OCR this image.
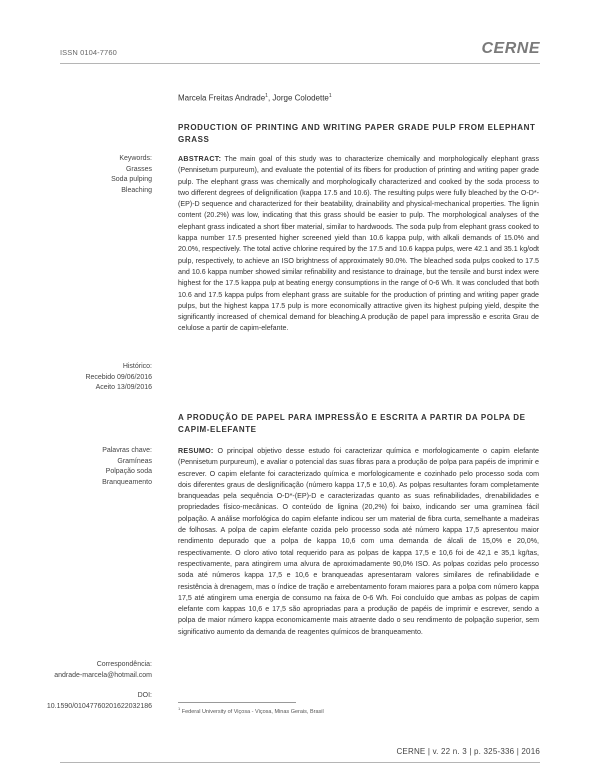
ISSN 0104-7760	CERNE
Marcela Freitas Andrade$^1$, Jorge Colodette$^1$
PRODUCTION OF PRINTING AND WRITING PAPER GRADE PULP FROM ELEPHANT GRASS
ABSTRACT: The main goal of this study was to characterize chemically and morphologically elephant grass (Pennisetum purpureum), and evaluate the potential of its fibers for production of printing and writing paper grade pulp. The elephant grass was chemically and morphologically characterized and cooked by the soda process to two different degrees of delignification (kappa 17.5 and 10.6). The resulting pulps were fully bleached by the O-D*-(EP)-D sequence and characterized for their beatability, drainability and physical-mechanical properties. The lignin content (20.2%) was low, indicating that this grass should be easier to pulp. The morphological analyses of the elephant grass indicated a short fiber material, similar to hardwoods. The soda pulp from elephant grass cooked to kappa number 17.5 presented higher screened yield than 10.6 kappa pulp, with alkali demands of 15.0% and 20.0%, respectively. The total active chlorine required by the 17.5 and 10.6 kappa pulps, were 42.1 and 35.1 kg/odt pulp, respectively, to achieve an ISO brightness of approximately 90.0%. The bleached soda pulps cooked to 17.5 and 10.6 kappa number showed similar refinability and resistance to drainage, but the tensile and burst index were highest for the 17.5 kappa pulp at beating energy consumptions in the range of 0-6 Wh. It was concluded that both 10.6 and 17.5 kappa pulps from elephant grass are suitable for the production of printing and writing paper grade pulps, but the highest kappa 17.5 pulp is more economically attractive given its highest pulping yield, despite the significantly increased of chemical demand for bleaching.A produção de papel para impressão e escrita Grau de celulose a partir de capim-elefante.
Keywords:
Grasses
Soda pulping
Bleaching
Histórico:
Recebido 09/06/2016
Aceito 13/09/2016
A PRODUÇÃO DE PAPEL PARA IMPRESSÃO E ESCRITA A PARTIR DA POLPA DE CAPIM-ELEFANTE
RESUMO: O principal objetivo desse estudo foi caracterizar química e morfologicamente o capim elefante (Pennisetum purpureum), e avaliar o potencial das suas fibras para a produção de polpa para papéis de imprimir e escrever. O capim elefante foi caracterizado química e morfologicamente e cozinhado pelo processo soda com dois diferentes graus de deslignificação (número kappa 17,5 e 10,6). As polpas resultantes foram completamente branqueadas pela sequência O-D*-(EP)-D e caracterizadas quanto as suas refinabilidades, drenabilidades e propriedades físico-mecânicas. O conteúdo de lignina (20,2%) foi baixo, indicando ser uma gramínea fácil polpação. A análise morfológica do capim elefante indicou ser um material de fibra curta, semelhante a madeiras de folhosas. A polpa de capim elefante cozida pelo processo soda até número kappa 17,5 apresentou maior rendimento depurado que a polpa de kappa 10,6 com uma demanda de álcali de 15,0% e 20,0%, respectivamente. O cloro ativo total requerido para as polpas de kappa 17,5 e 10,6 foi de 42,1 e 35,1 kg/tas, respectivamente, para atingirem uma alvura de aproximadamente 90,0% ISO. As polpas cozidas pelo processo soda até números kappa 17,5 e 10,6 e branqueadas apresentaram valores similares de refinabilidade e resistência à drenagem, mas o índice de tração e arrebentamento foram maiores para a polpa com número kappa 17,5 até atingirem uma energia de consumo na faixa de 0-6 Wh. Foi concluído que ambas as polpas de capim elefante com kappas 10,6 e 17,5 são apropriadas para a produção de papéis de imprimir e escrever, sendo a polpa de maior número kappa economicamente mais atraente dado o seu rendimento de polpação superior, sem significativo aumento da demanda de reagentes químicos de branqueamento.
Palavras chave:
Gramíneas
Polpação soda
Branqueamento
Correspondência:
andrade-marcela@hotmail.com
DOI:
10.1590/01047760201622032186	$^1$ Federal University of Viçosa - Viçosa, Minas Gerais, Brasil
CERNE | v. 22 n. 3 | p. 325-336 | 2016
